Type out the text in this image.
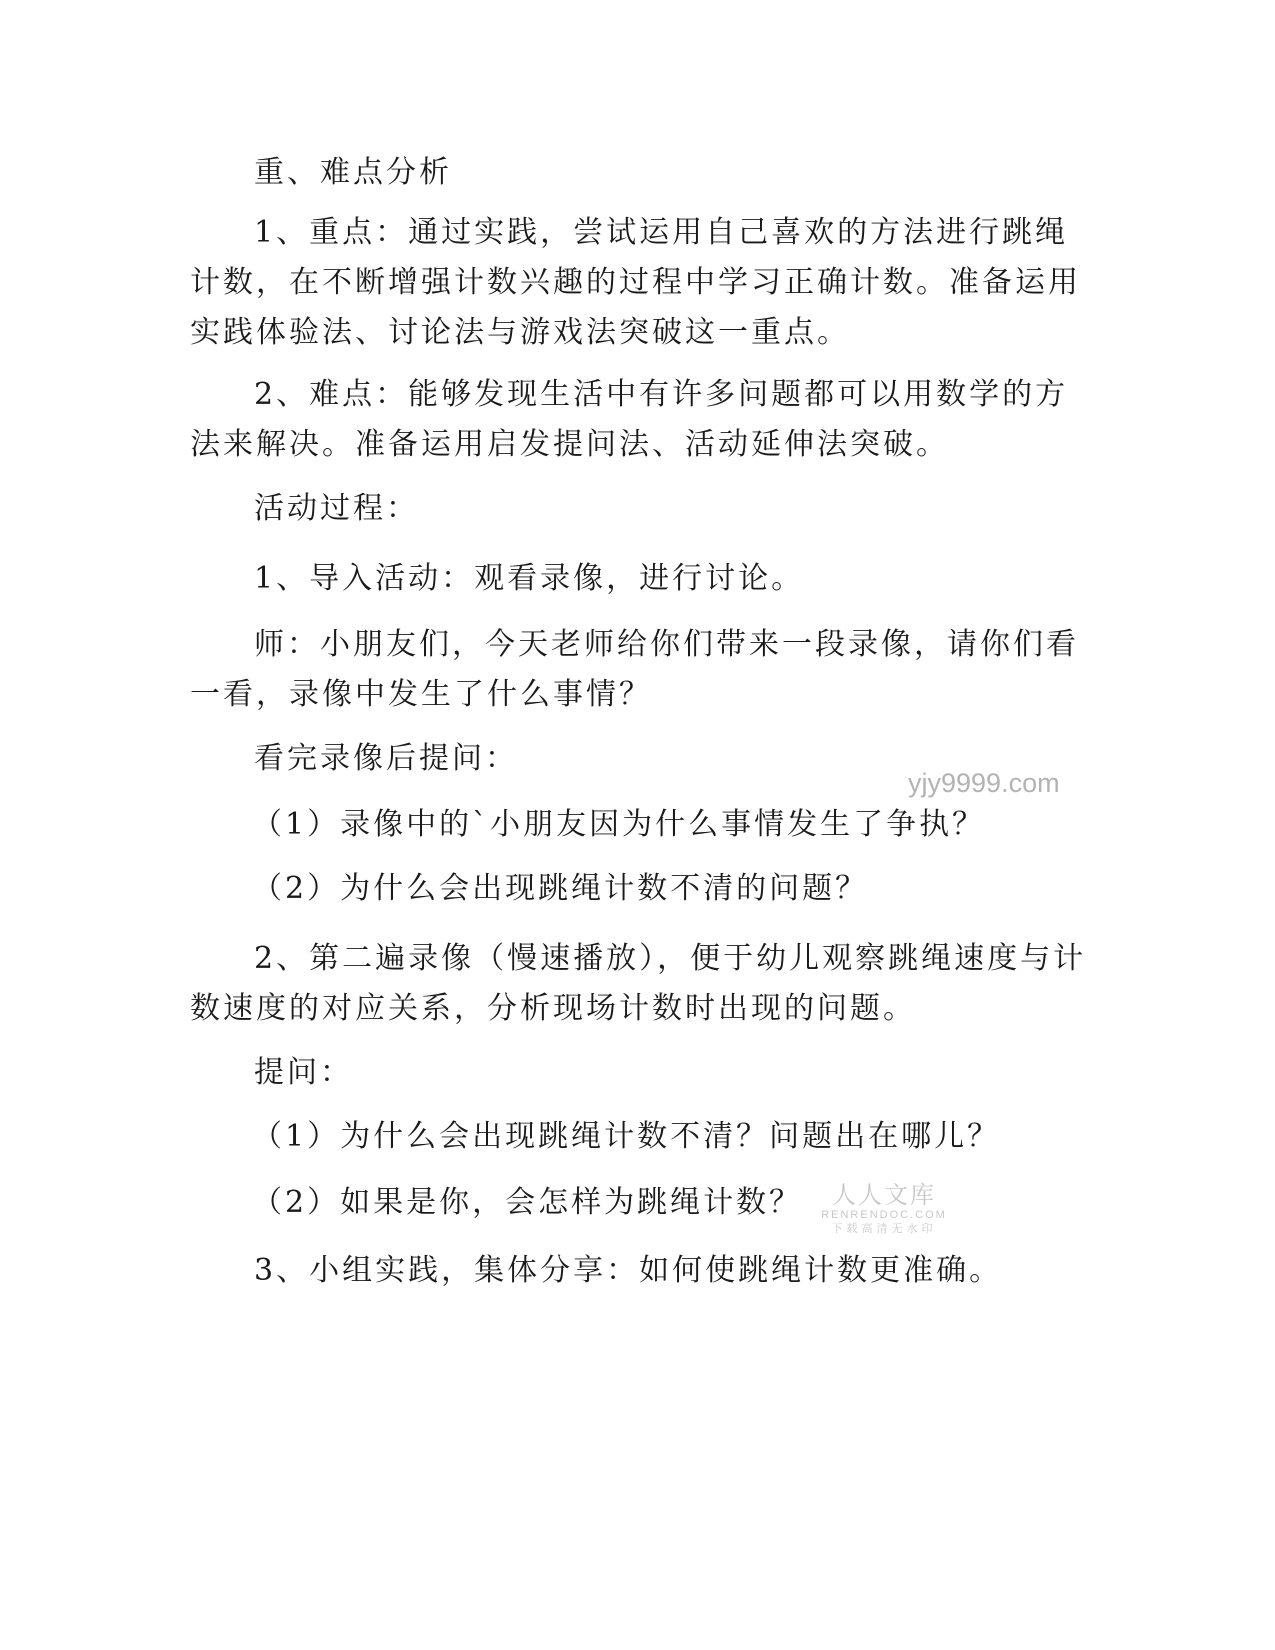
重、难点分析

1、重点：通过实践，尝试运用自己喜欢的方法进行跳绳计数，在不断增强计数兴趣的过程中学习正确计数。准备运用实践体验法、讨论法与游戏法突破这一重点。

2、难点：能够发现生活中有许多问题都可以用数学的方法来解决。准备运用启发提问法、活动延伸法突破。

活动过程：

1、导入活动：观看录像，进行讨论。

师：小朋友们，今天老师给你们带来一段录像，请你们看一看，录像中发生了什么事情？

看完录像后提问：

（1）录像中的`小朋友因为什么事情发生了争执？

（2）为什么会出现跳绳计数不清的问题？

2、第二遍录像（慢速播放），便于幼儿观察跳绳速度与计数速度的对应关系，分析现场计数时出现的问题。

提问：

（1）为什么会出现跳绳计数不清？问题出在哪儿？

（2）如果是你，会怎样为跳绳计数？

3、小组实践，集体分享：如何使跳绳计数更准确。

yjy9999.com
人人文库
RENRENDOC.COM
下载高清无水印
